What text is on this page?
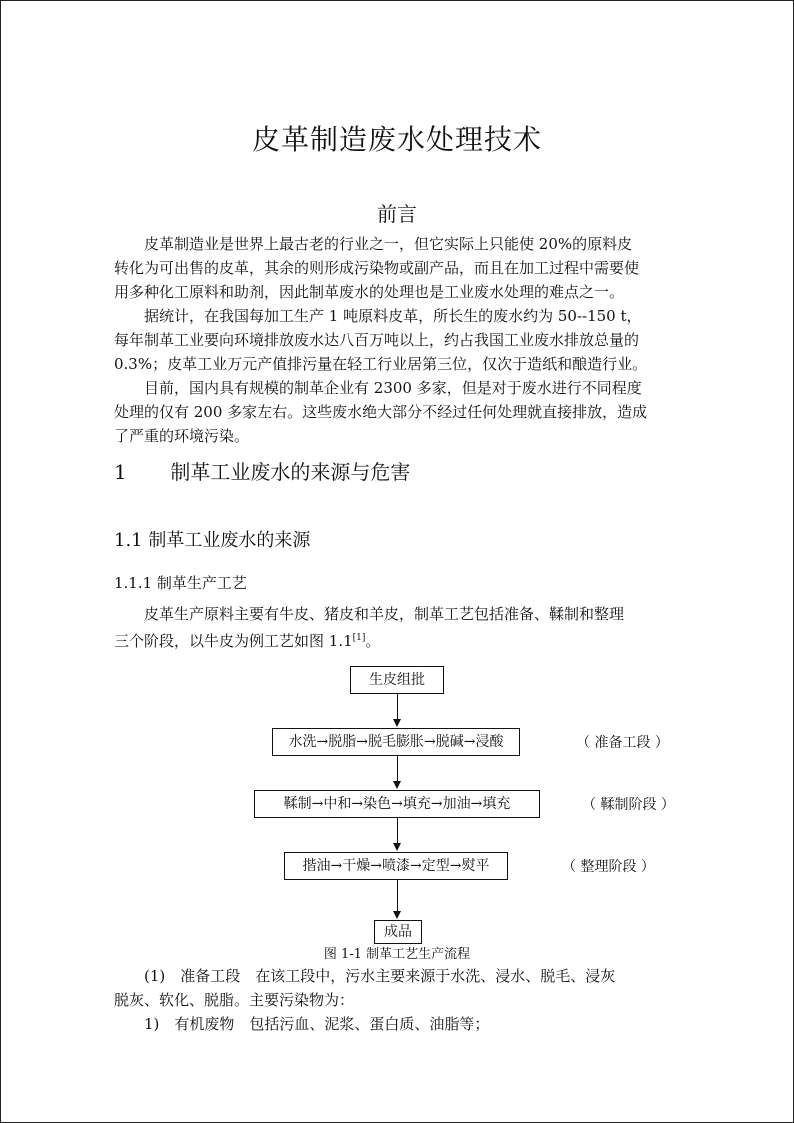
皮革制造废水处理技术
前言
　　皮革制造业是世界上最古老的行业之一，但它实际上只能使 20%的原料皮
转化为可出售的皮革，其余的则形成污染物或副产品，而且在加工过程中需要使
用多种化工原料和助剂，因此制革废水的处理也是工业废水处理的难点之一。
　　据统计，在我国每加工生产 1 吨原料皮革，所长生的废水约为 50--150 t，
每年制革工业要向环境排放废水达八百万吨以上，约占我国工业废水排放总量的
0.3%；皮革工业万元产值排污量在轻工行业居第三位，仅次于造纸和酿造行业。
　　目前，国内具有规模的制革企业有 2300 多家，但是对于废水进行不同程度
处理的仅有 200 多家左右。这些废水绝大部分不经过任何处理就直接排放，造成
了严重的环境污染。
1 制革工业废水的来源与危害
1.1 制革工业废水的来源
1.1.1 制革生产工艺
　　皮革生产原料主要有牛皮、猪皮和羊皮，制革工艺包括准备、鞣制和整理
三个阶段，以牛皮为例工艺如图 1.1[1]。
生皮组批
水洗→脱脂→脱毛膨胀→脱碱→浸酸	（ 准备工段 ）
鞣制→中和→染色→填充→加油→填充	（ 鞣制阶段 ）
揩油→干燥→喷漆→定型→熨平	（ 整理阶段 ）
成品
图 1-1 制革工艺生产流程
　　(1)　准备工段　在该工段中，污水主要来源于水洗、浸水、脱毛、浸灰
脱灰、软化、脱脂。主要污染物为：
　　1)　有机废物　包括污血、泥浆、蛋白质、油脂等；
